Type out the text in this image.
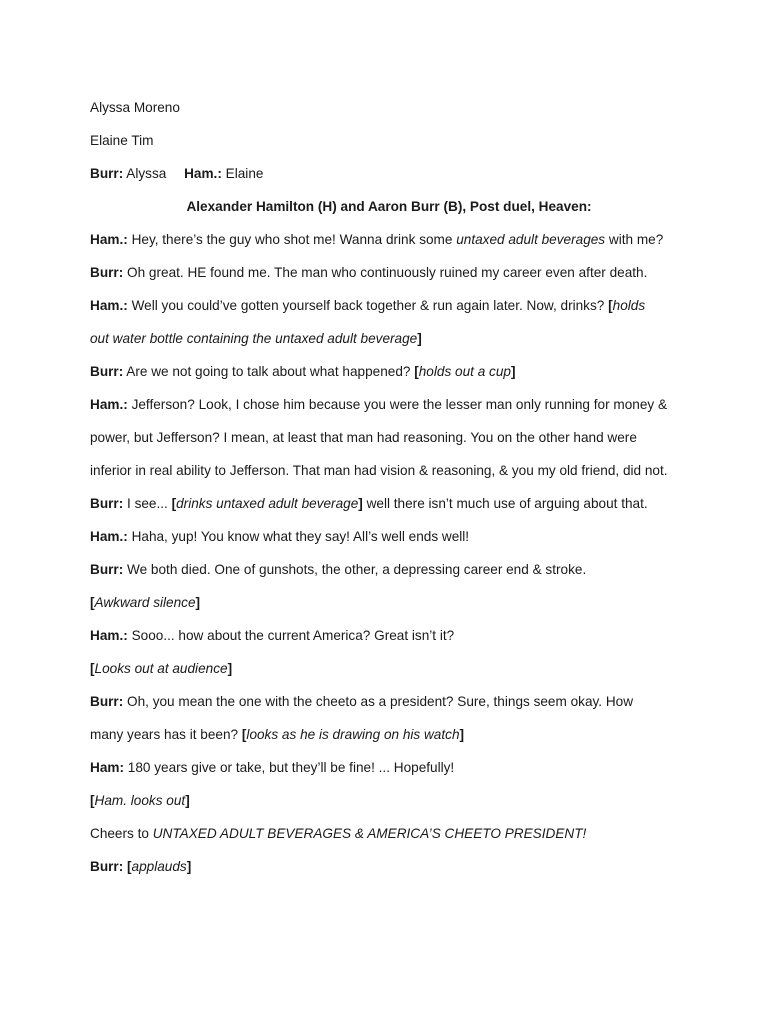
Alyssa Moreno
Elaine Tim
Burr: Alyssa Ham.: Elaine
Alexander Hamilton (H) and Aaron Burr (B), Post duel, Heaven:
Ham.: Hey, there’s the guy who shot me! Wanna drink some untaxed adult beverages with me?
Burr: Oh great. HE found me. The man who continuously ruined my career even after death.
Ham.: Well you could’ve gotten yourself back together & run again later. Now, drinks? [holds
out water bottle containing the untaxed adult beverage]
Burr: Are we not going to talk about what happened? [holds out a cup]
Ham.: Jefferson? Look, I chose him because you were the lesser man only running for money &
power, but Jefferson? I mean, at least that man had reasoning. You on the other hand were
inferior in real ability to Jefferson. That man had vision & reasoning, & you my old friend, did not.
Burr: I see... [drinks untaxed adult beverage] well there isn’t much use of arguing about that.
Ham.: Haha, yup! You know what they say! All’s well ends well!
Burr: We both died. One of gunshots, the other, a depressing career end & stroke.
[Awkward silence]
Ham.: Sooo... how about the current America? Great isn’t it?
[Looks out at audience]
Burr: Oh, you mean the one with the cheeto as a president? Sure, things seem okay. How
many years has it been? [looks as he is drawing on his watch]
Ham: 180 years give or take, but they’ll be fine! ... Hopefully!
[Ham. looks out]
Cheers to UNTAXED ADULT BEVERAGES & AMERICA’S CHEETO PRESIDENT!
Burr: [applauds]
